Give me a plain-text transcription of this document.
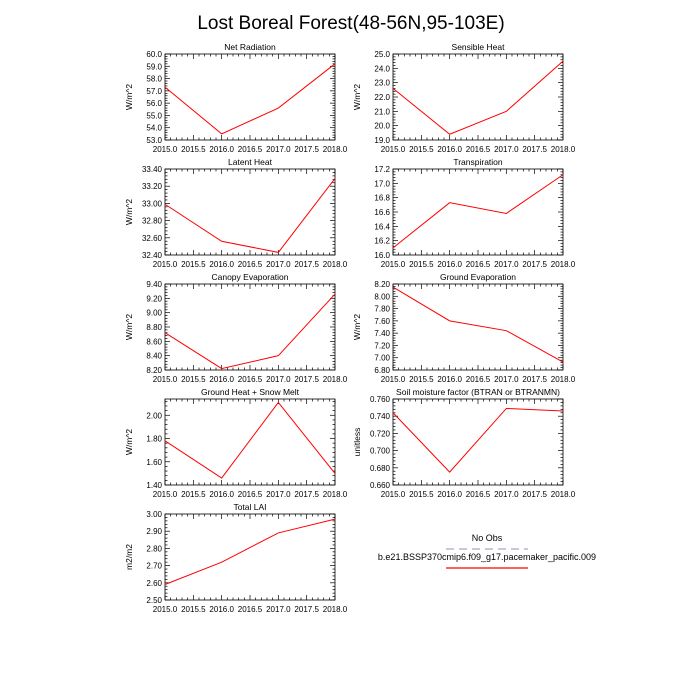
Lost Boreal Forest(48-56N,95-103E)
Net Radiation
2015.0 2015.5 2016.0 2016.5 2017.0 2017.5 2018.0
53.0
54.0
55.0
56.0
57.0
58.0
59.0
60.0
W/m^2
Sensible Heat
2015.0 2015.5 2016.0 2016.5 2017.0 2017.5 2018.0
19.0
20.0
21.0
22.0
23.0
24.0
25.0
W/m^2
Latent Heat
2015.0 2015.5 2016.0 2016.5 2017.0 2017.5 2018.0
32.40
32.60
32.80
33.00
33.20
33.40
W/m^2
Transpiration
2015.0 2015.5 2016.0 2016.5 2017.0 2017.5 2018.0
16.0
16.2
16.4
16.6
16.8
17.0
17.2
Canopy Evaporation
2015.0 2015.5 2016.0 2016.5 2017.0 2017.5 2018.0
8.20
8.40
8.60
8.80
9.00
9.20
9.40
W/m^2
Ground Evaporation
2015.0 2015.5 2016.0 2016.5 2017.0 2017.5 2018.0
6.80
7.00
7.20
7.40
7.60
7.80
8.00
8.20
W/m^2
Ground Heat + Snow Melt
2015.0 2015.5 2016.0 2016.5 2017.0 2017.5 2018.0
1.40
1.60
1.80
2.00
W/m^2
Soil moisture factor (BTRAN or BTRANMN)
2015.0 2015.5 2016.0 2016.5 2017.0 2017.5 2018.0
0.660
0.680
0.700
0.720
0.740
0.760
unitless
Total LAI
2015.0 2015.5 2016.0 2016.5 2017.0 2017.5 2018.0
2.50
2.60
2.70
2.80
2.90
3.00
m2/m2
No Obs
b.e21.BSSP370cmip6.f09_g17.pacemaker_pacific.009
